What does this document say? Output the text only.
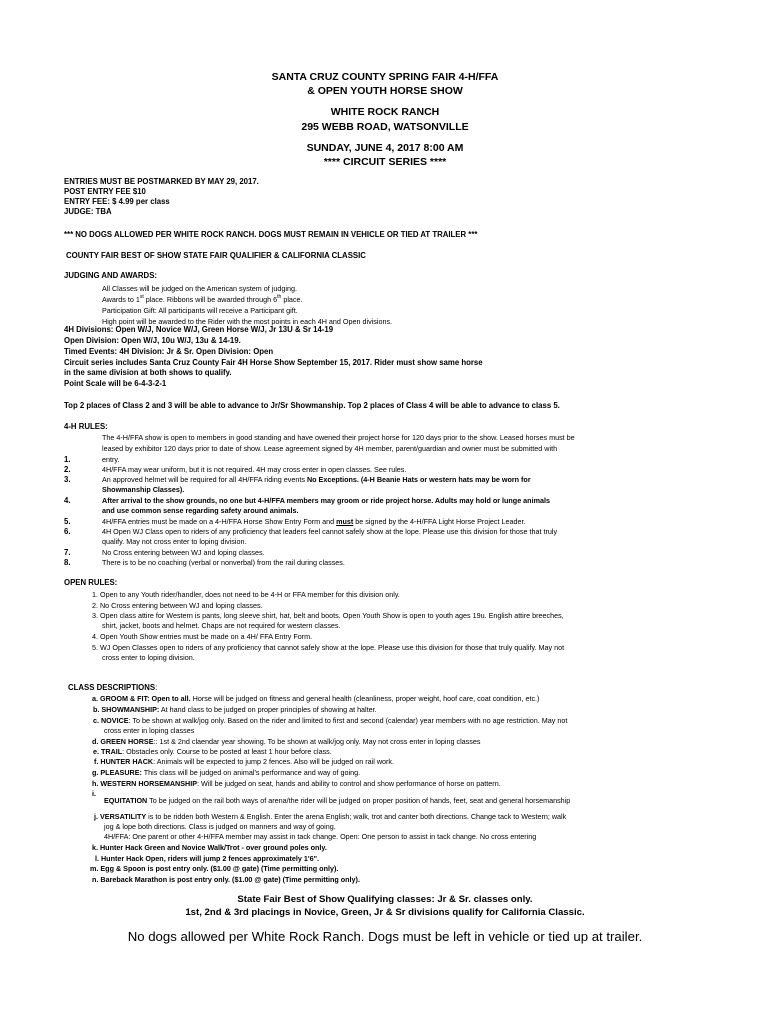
SANTA CRUZ COUNTY SPRING FAIR 4-H/FFA
& OPEN YOUTH HORSE SHOW
WHITE ROCK RANCH
295 WEBB ROAD, WATSONVILLE
SUNDAY, JUNE 4, 2017 8:00 AM
**** CIRCUIT SERIES ****
ENTRIES MUST BE POSTMARKED BY MAY 29, 2017.
POST ENTRY FEE $10
ENTRY FEE: $ 4.99 per class
JUDGE: TBA
*** NO DOGS ALLOWED PER WHITE ROCK RANCH. DOGS MUST REMAIN IN VEHICLE OR TIED AT TRAILER ***
COUNTY FAIR BEST OF SHOW STATE FAIR QUALIFIER & CALIFORNIA CLASSIC
JUDGING AND AWARDS:
All Classes will be judged on the American system of judging.
Awards to 1st place. Ribbons will be awarded through 6th place.
Participation Gift: All participants will receive a Participant gift.
High point will be awarded to the Rider with the most points in each 4H and Open divisions.
4H Divisions: Open W/J, Novice W/J, Green Horse W/J, Jr 13U & Sr 14-19
Open Division: Open W/J, 10u W/J, 13u & 14-19.
Timed Events: 4H Division: Jr & Sr. Open Division: Open
Circuit series includes Santa Cruz County Fair 4H Horse Show September 15, 2017. Rider must show same horse
in the same division at both shows to qualify.
Point Scale will be 6-4-3-2-1
Top 2 places of Class 2 and 3 will be able to advance to Jr/Sr Showmanship. Top 2 places of Class 4 will be able to advance to class 5.
4-H RULES:
The 4-H/FFA show is open to members in good standing and have owened their project horse for 120 days prior to the show. Leased horses must be
leased by exhibitor 120 days prior to date of show. Lease agreement signed by 4H member, parent/guardian and owner must be submitted with
1.	entry.
2.	4H/FFA may wear uniform, but it is not required. 4H may cross enter in open classes. See rules.
3.	An approved helmet will be required for all 4H/FFA riding events No Exceptions. (4-H Beanie Hats or western hats may be worn for
Showmanship Classes).
4.	After arrival to the show grounds, no one but 4-H/FFA members may groom or ride project horse. Adults may hold or lunge animals
and use common sense regarding safety around animals.
5.	4H/FFA entries must be made on a 4-H/FFA Horse Show Entry Form and must be signed by the 4-H/FFA Light Horse Project Leader.
6.	4H Open WJ Class open to riders of any proficiency that leaders feel cannot safely show at the lope. Please use this division for those that truly
qualify. May not cross enter to loping division.
7.	No Cross entering between WJ and loping classes.
8.	There is to be no coaching (verbal or nonverbal) from the rail during classes.
OPEN RULES:
1. Open to any Youth rider/handler, does not need to be 4-H or FFA member for this division only.
2. No Cross entering between WJ and loping classes.
3. Open class attire for Western is pants, long sleeve shirt, hat, belt and boots. Open Youth Show is open to youth ages 19u. English attire breeches,
shirt, jacket, boots and helmet. Chaps are not required for western classes.
4. Open Youth Show entries must be made on a 4H/ FFA Entry Form.
5. WJ Open Classes open to riders of any proficiency that cannot safely show at the lope. Please use this division for those that truly qualify. May not
cross enter to loping division.
CLASS DESCRIPTIONS:
a. GROOM & FIT: Open to all. Horse will be judged on fitness and general health (cleanliness, proper weight, hoof care, coat condition, etc.)
b. SHOWMANSHIP: At hand class to be judged on proper principles of showing at halter.
c. NOVICE: To be shown at walk/jog only. Based on the rider and limited to first and second (calendar) year members with no age restriction. May not
cross enter in loping classes
d. GREEN HORSE:: 1st & 2nd claendar year showing. To be shown at walk/jog only. May not cross enter in loping classes
e. TRAIL: Obstacles only. Course to be posted at least 1 hour before class.
f. HUNTER HACK: Animals will be expected to jump 2 fences. Also will be judged on rail work.
g. PLEASURE: This class will be judged on animal's performance and way of going.
h. WESTERN HORSEMANSHIP: Will be judged on seat, hands and ability to control and show performance of horse on pattern.
i.
EQUITATION To be judged on the rail both ways of arena/the rider will be judged on proper position of hands, feet, seat and general horsemanship
j. VERSATILITY is to be ridden both Western & English. Enter the arena English; walk, trot and canter both directions. Change tack to Western; walk
jog & lope both directions. Class is judged on manners and way of going.
4H/FFA: One parent or other 4-H/FFA member may assist in tack change. Open: One person to assist in tack change. No cross entering
k. Hunter Hack Green and Novice Walk/Trot - over ground poles only.
l. Hunter Hack Open, riders will jump 2 fences approximately 1'6".
m. Egg & Spoon is post entry only. ($1.00 @ gate) (Time permitting only).
n. Bareback Marathon is post entry only. ($1.00 @ gate) (Time permitting only).
State Fair Best of Show Qualifying classes: Jr & Sr. classes only.
1st, 2nd & 3rd placings in Novice, Green, Jr & Sr divisions qualify for California Classic.
No dogs allowed per White Rock Ranch. Dogs must be left in vehicle or tied up at trailer.
